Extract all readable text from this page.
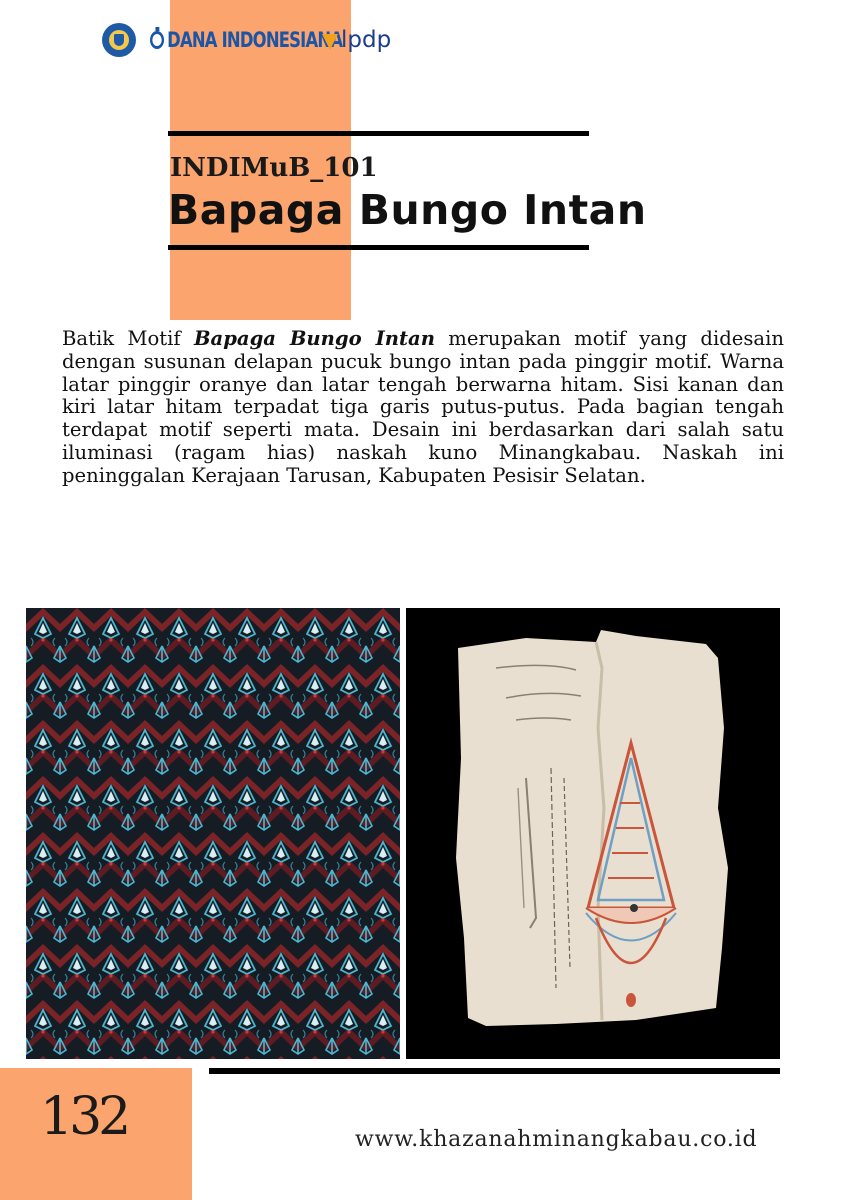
DANA INDONESIANA
lpdp
INDIMuB_101
Bapaga Bungo Intan
Batik Motif Bapaga Bungo Intan merupakan motif yang didesain dengan susunan delapan pucuk bungo intan pada pinggir motif. Warna latar pinggir oranye dan latar tengah berwarna hitam. Sisi kanan dan kiri latar hitam terpadat tiga garis putus-putus. Pada bagian tengah terdapat motif seperti mata. Desain ini berdasarkan dari salah satu iluminasi (ragam hias) naskah kuno Minangkabau. Naskah ini peninggalan Kerajaan Tarusan, Kabupaten Pesisir Selatan.
132	www.khazanahminangkabau.co.id
